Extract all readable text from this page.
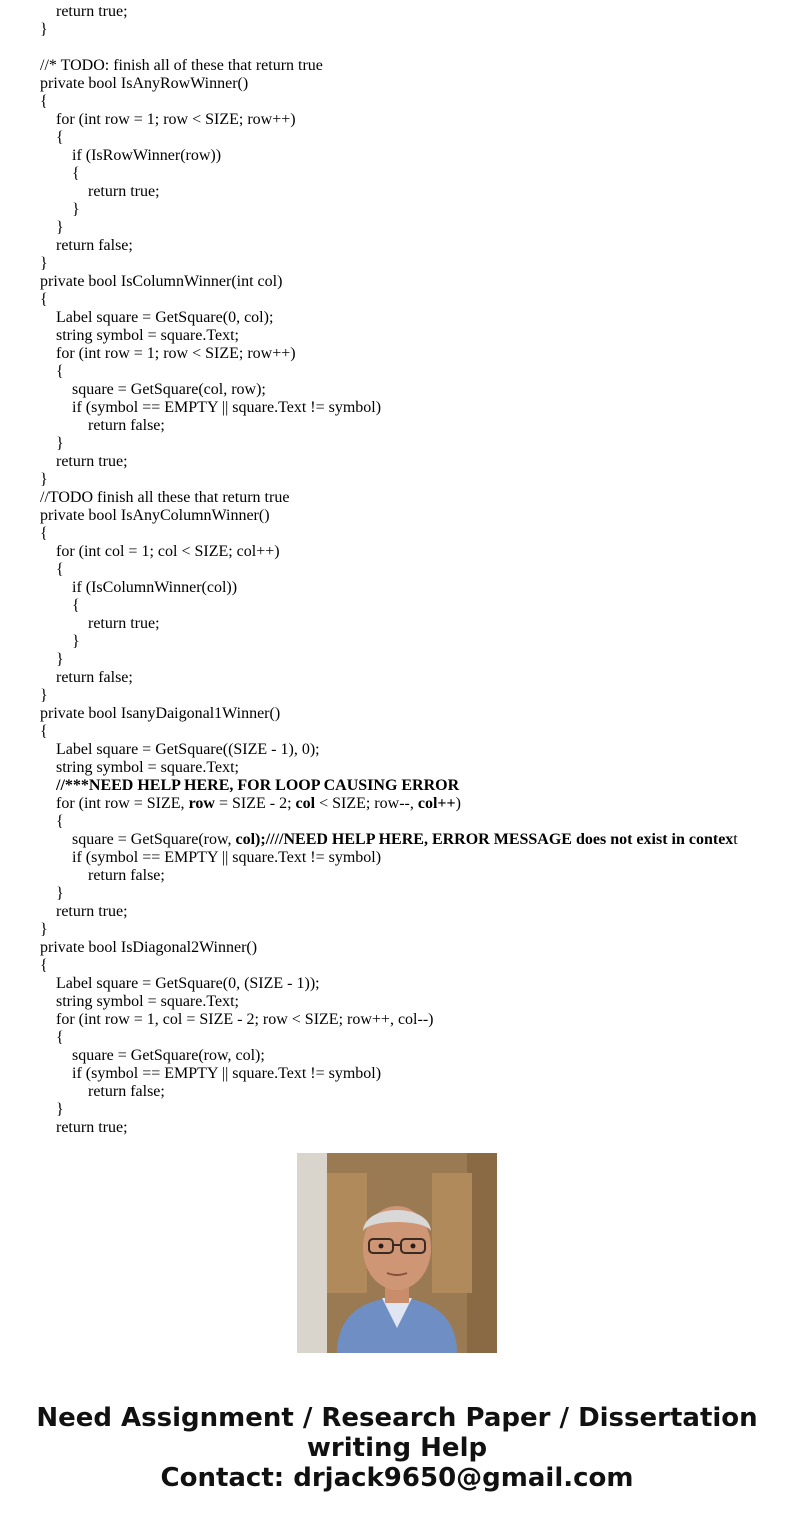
return true;
}

//* TODO: finish all of these that return true
private bool IsAnyRowWinner()
{
for (int row = 1; row < SIZE; row++)
{
if (IsRowWinner(row))
{
return true;
}
}
return false;
}
private bool IsColumnWinner(int col)
{
Label square = GetSquare(0, col);
string symbol = square.Text;
for (int row = 1; row < SIZE; row++)
{
square = GetSquare(col, row);
if (symbol == EMPTY || square.Text != symbol)
return false;
}
return true;
}
//TODO finish all these that return true
private bool IsAnyColumnWinner()
{
for (int col = 1; col < SIZE; col++)
{
if (IsColumnWinner(col))
{
return true;
}
}
return false;
}
private bool IsanyDaigonal1Winner()
{
Label square = GetSquare((SIZE - 1), 0);
string symbol = square.Text;
//***NEED HELP HERE, FOR LOOP CAUSING ERROR
for (int row = SIZE, row = SIZE - 2; col < SIZE; row--, col++)
{
square = GetSquare(row, col);////NEED HELP HERE, ERROR MESSAGE does not exist in context
if (symbol == EMPTY || square.Text != symbol)
return false;
}
return true;
}
private bool IsDiagonal2Winner()
{
Label square = GetSquare(0, (SIZE - 1));
string symbol = square.Text;
for (int row = 1, col = SIZE - 2; row < SIZE; row++, col--)
{
square = GetSquare(row, col);
if (symbol == EMPTY || square.Text != symbol)
return false;
}
return true;
Need Assignment / Research Paper / Dissertation
writing Help
Contact: drjack9650@gmail.com
